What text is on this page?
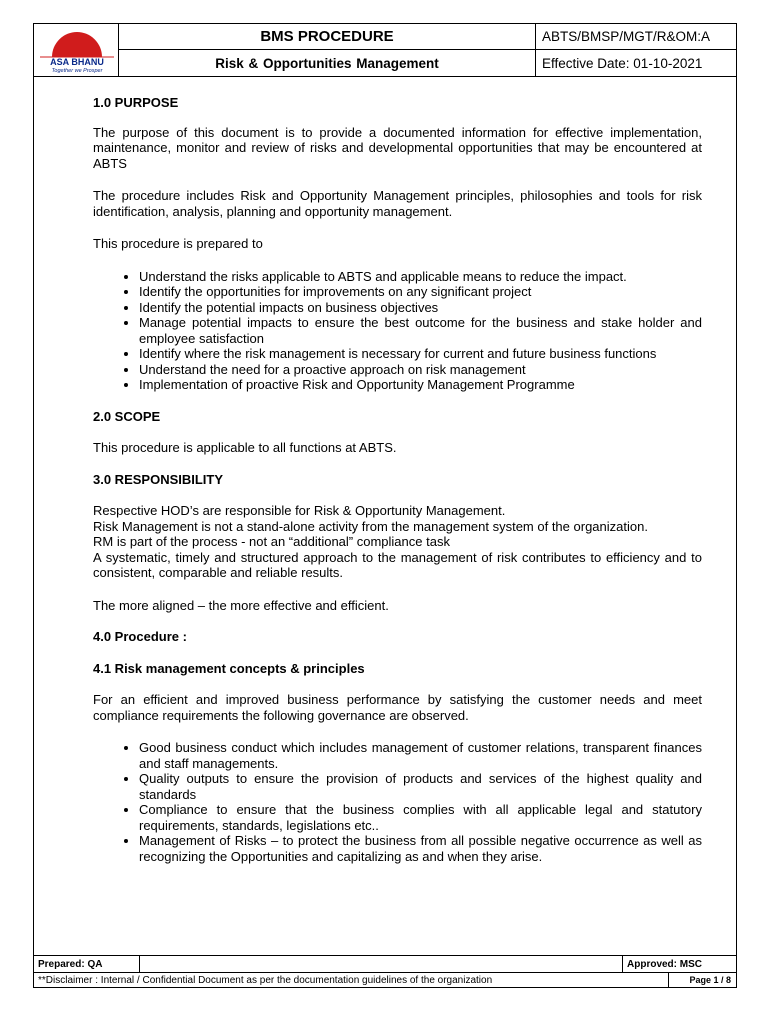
ASA BHANU
Together we Prosper
BMS PROCEDURE
Risk & Opportunities Management
ABTS/BMSP/MGT/R&OM:A
Effective Date: 01-10-2021
1.0 PURPOSE

The purpose of this document is to provide a documented information for effective implementation, maintenance, monitor and review of risks and developmental opportunities that may be encountered at ABTS

The procedure includes Risk and Opportunity Management principles, philosophies and tools for risk identification, analysis, planning and opportunity management.

This procedure is prepared to

• Understand the risks applicable to ABTS and applicable means to reduce the impact.
• Identify the opportunities for improvements on any significant project
• Identify the potential impacts on business objectives
• Manage potential impacts to ensure the best outcome for the business and stake holder and employee satisfaction
• Identify where the risk management is necessary for current and future business functions
• Understand the need for a proactive approach on risk management
• Implementation of proactive Risk and Opportunity Management Programme
2.0 SCOPE

This procedure is applicable to all functions at ABTS.

3.0 RESPONSIBILITY

Respective HOD’s are responsible for Risk & Opportunity Management.

Risk Management is not a stand-alone activity from the management system of the organization.

RM is part of the process - not an “additional” compliance task

A systematic, timely and structured approach to the management of risk contributes to efficiency and to consistent, comparable and reliable results.

The more aligned – the more effective and efficient.

4.0 Procedure :
4.1 Risk management concepts & principles

For an efficient and improved business performance by satisfying the customer needs and meet compliance requirements the following governance are observed.

• Good business conduct which includes management of customer relations, transparent finances and staff managements.
• Quality outputs to ensure the provision of products and services of the highest quality and standards
• Compliance to ensure that the business complies with all applicable legal and statutory requirements, standards, legislations etc..
• Management of Risks – to protect the business from all possible negative occurrence as well as recognizing the Opportunities and capitalizing as and when they arise.
Prepared: QA	Approved: MSC
**Disclaimer : Internal / Confidential Document as per the documentation guidelines of the organization	Page 1 / 8
